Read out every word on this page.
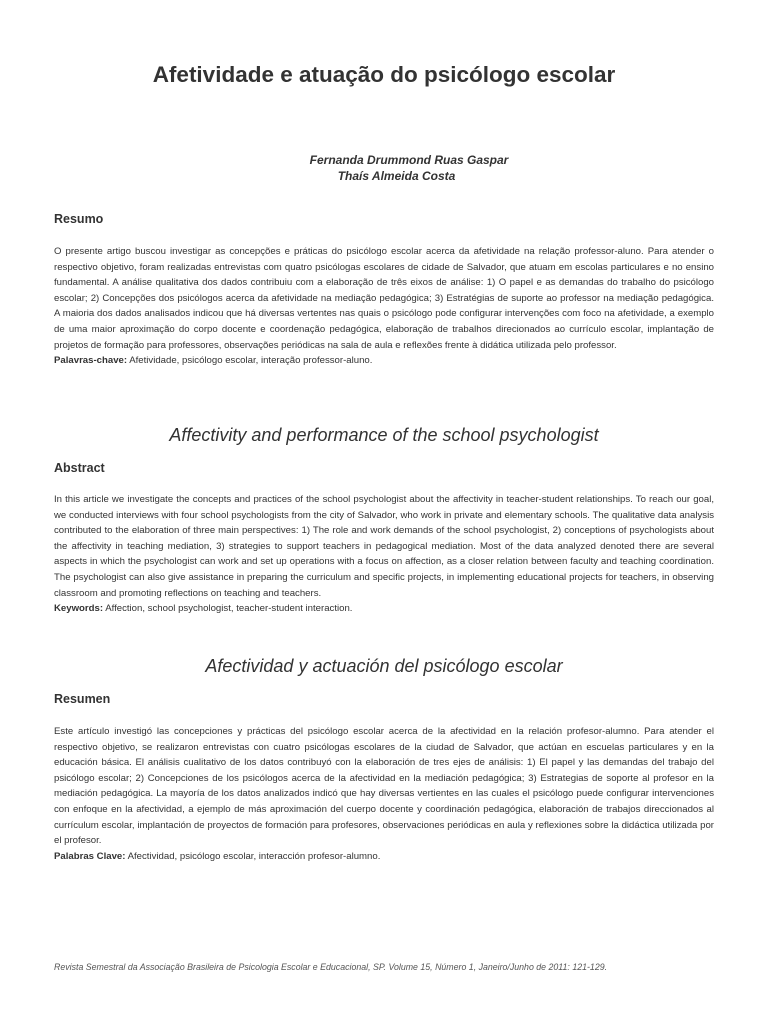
Afetividade e atuação do psicólogo escolar
Fernanda Drummond Ruas Gaspar
Thaís Almeida Costa
Resumo

O presente artigo buscou investigar as concepções e práticas do psicólogo escolar acerca da afetividade na relação professor-aluno. Para atender o respectivo objetivo, foram realizadas entrevistas com quatro psicólogas escolares de cidade de Salvador, que atuam em escolas particulares e no ensino fundamental. A análise qualitativa dos dados contribuiu com a elaboração de três eixos de análise: 1) O papel e as demandas do trabalho do psicólogo escolar; 2) Concepções dos psicólogos acerca da afetividade na mediação pedagógica; 3) Estratégias de suporte ao professor na mediação pedagógica. A maioria dos dados analisados indicou que há diversas vertentes nas quais o psicólogo pode configurar intervenções com foco na afetividade, a exemplo de uma maior aproximação do corpo docente e coordenação pedagógica, elaboração de trabalhos direcionados ao currículo escolar, implantação de projetos de formação para professores, observações periódicas na sala de aula e reflexões frente à didática utilizada pelo professor.

Palavras-chave: Afetividade, psicólogo escolar, interação professor-aluno.

Affectivity and performance of the school psychologist
Abstract

In this article we investigate the concepts and practices of the school psychologist about the affectivity in teacher-student relationships. To reach our goal, we conducted interviews with four school psychologists from the city of Salvador, who work in private and elementary schools. The qualitative data analysis contributed to the elaboration of three main perspectives: 1) The role and work demands of the school psychologist, 2) conceptions of psychologists about the affectivity in teaching mediation, 3) strategies to support teachers in pedagogical mediation. Most of the data analyzed denoted there are several aspects in which the psychologist can work and set up operations with a focus on affection, as a closer relation between faculty and teaching coordination. The psychologist can also give assistance in preparing the curriculum and specific projects, in implementing educational projects for teachers, in observing classroom and promoting reflections on teaching and teachers.

Keywords: Affection, school psychologist, teacher-student interaction.

Afectividad y actuación del psicólogo escolar
Resumen

Este artículo investigó las concepciones y prácticas del psicólogo escolar acerca de la afectividad en la relación profesor-alumno. Para atender el respectivo objetivo, se realizaron entrevistas con cuatro psicólogas escolares de la ciudad de Salvador, que actúan en escuelas particulares y en la educación básica. El análisis cualitativo de los datos contribuyó con la elaboración de tres ejes de análisis: 1) El papel y las demandas del trabajo del psicólogo escolar; 2) Concepciones de los psicólogos acerca de la afectividad en la mediación pedagógica; 3) Estrategias de soporte al profesor en la mediación pedagógica. La mayoría de los datos analizados indicó que hay diversas vertientes en las cuales el psicólogo puede configurar intervenciones con enfoque en la afectividad, a ejemplo de más aproximación del cuerpo docente y coordinación pedagógica, elaboración de trabajos direccionados al currículum escolar, implantación de proyectos de formación para profesores, observaciones periódicas en aula y reflexiones sobre la didáctica utilizada por el profesor.

Palabras Clave: Afectividad, psicólogo escolar, interacción profesor-alumno.

Revista Semestral da Associação Brasileira de Psicologia Escolar e Educacional, SP. Volume 15, Número 1, Janeiro/Junho de 2011: 121-129.
